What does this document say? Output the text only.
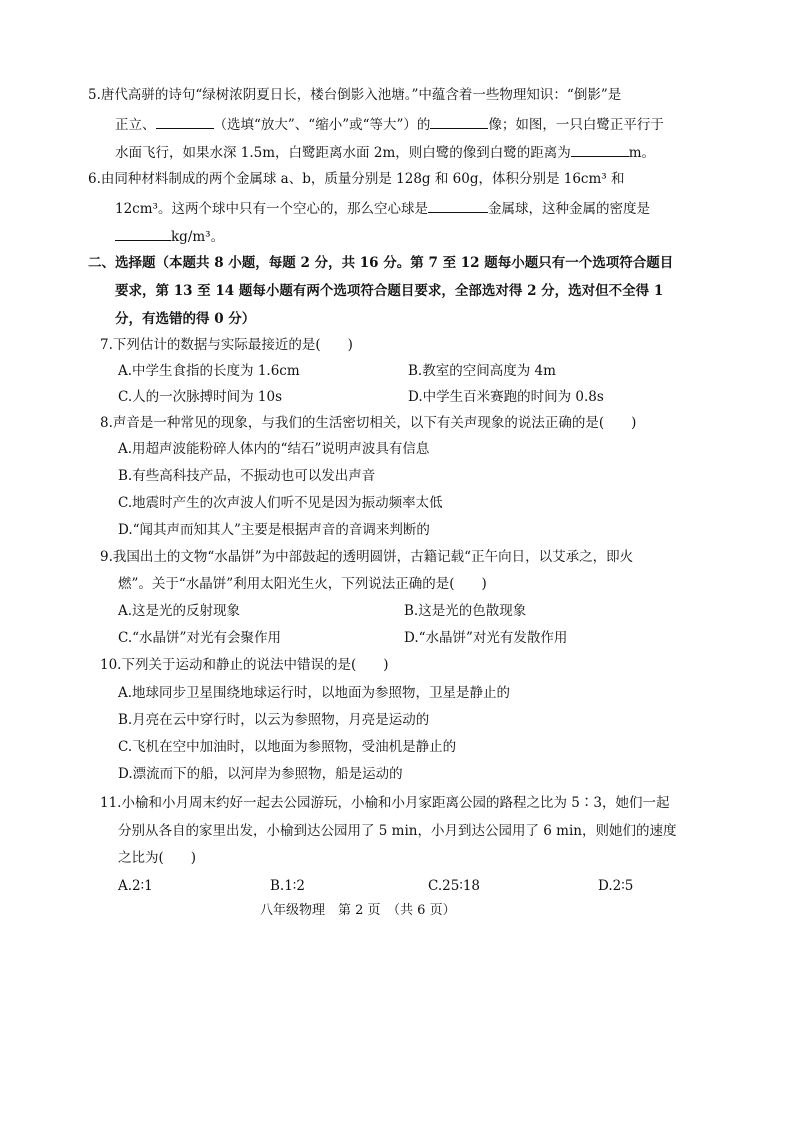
5.唐代高骈的诗句“绿树浓阴夏日长，楼台倒影入池塘。”中蕴含着一些物理知识：“倒影”是
正立、	（选填“放大”、“缩小”或“等大”）的	像；如图，一只白鹭正平行于
水面飞行，如果水深 1.5m，白鹭距离水面 2m，则白鹭的像到白鹭的距离为	m。
6.由同种材料制成的两个金属球 a、b，质量分别是 128g 和 60g，体积分别是 16cm³ 和
12cm³。这两个球中只有一个空心的，那么空心球是	金属球，这种金属的密度是
kg/m³。
二、选择题（本题共 8 小题，每题 2 分，共 16 分。第 7 至 12 题每小题只有一个选项符合题目
要求，第 13 至 14 题每小题有两个选项符合题目要求，全部选对得 2 分，选对但不全得 1
分，有选错的得 0 分）
7.下列估计的数据与实际最接近的是(　　)
A.中学生食指的长度为 1.6cm	B.教室的空间高度为 4m
C.人的一次脉搏时间为 10s	D.中学生百米赛跑的时间为 0.8s
8.声音是一种常见的现象，与我们的生活密切相关，以下有关声现象的说法正确的是(　　)
A.用超声波能粉碎人体内的“结石”说明声波具有信息
B.有些高科技产品，不振动也可以发出声音
C.地震时产生的次声波人们听不见是因为振动频率太低
D.“闻其声而知其人”主要是根据声音的音调来判断的
9.我国出土的文物“水晶饼”为中部鼓起的透明圆饼，古籍记载“正午向日，以艾承之，即火
燃”。关于“水晶饼”利用太阳光生火，下列说法正确的是(　　)
A.这是光的反射现象	B.这是光的色散现象
C.“水晶饼”对光有会聚作用	D.“水晶饼”对光有发散作用
10.下列关于运动和静止的说法中错误的是(　　)
A.地球同步卫星围绕地球运行时，以地面为参照物，卫星是静止的
B.月亮在云中穿行时，以云为参照物，月亮是运动的
C.飞机在空中加油时，以地面为参照物，受油机是静止的
D.漂流而下的船，以河岸为参照物，船是运动的
11.小榆和小月周末约好一起去公园游玩，小榆和小月家距离公园的路程之比为 5∶3，她们一起
分别从各自的家里出发，小榆到达公园用了 5 min，小月到达公园用了 6 min，则她们的速度
之比为(　　)
A.2∶1	B.1∶2	C.25∶18	D.2∶5
八年级物理　第 2 页　（共 6 页）
